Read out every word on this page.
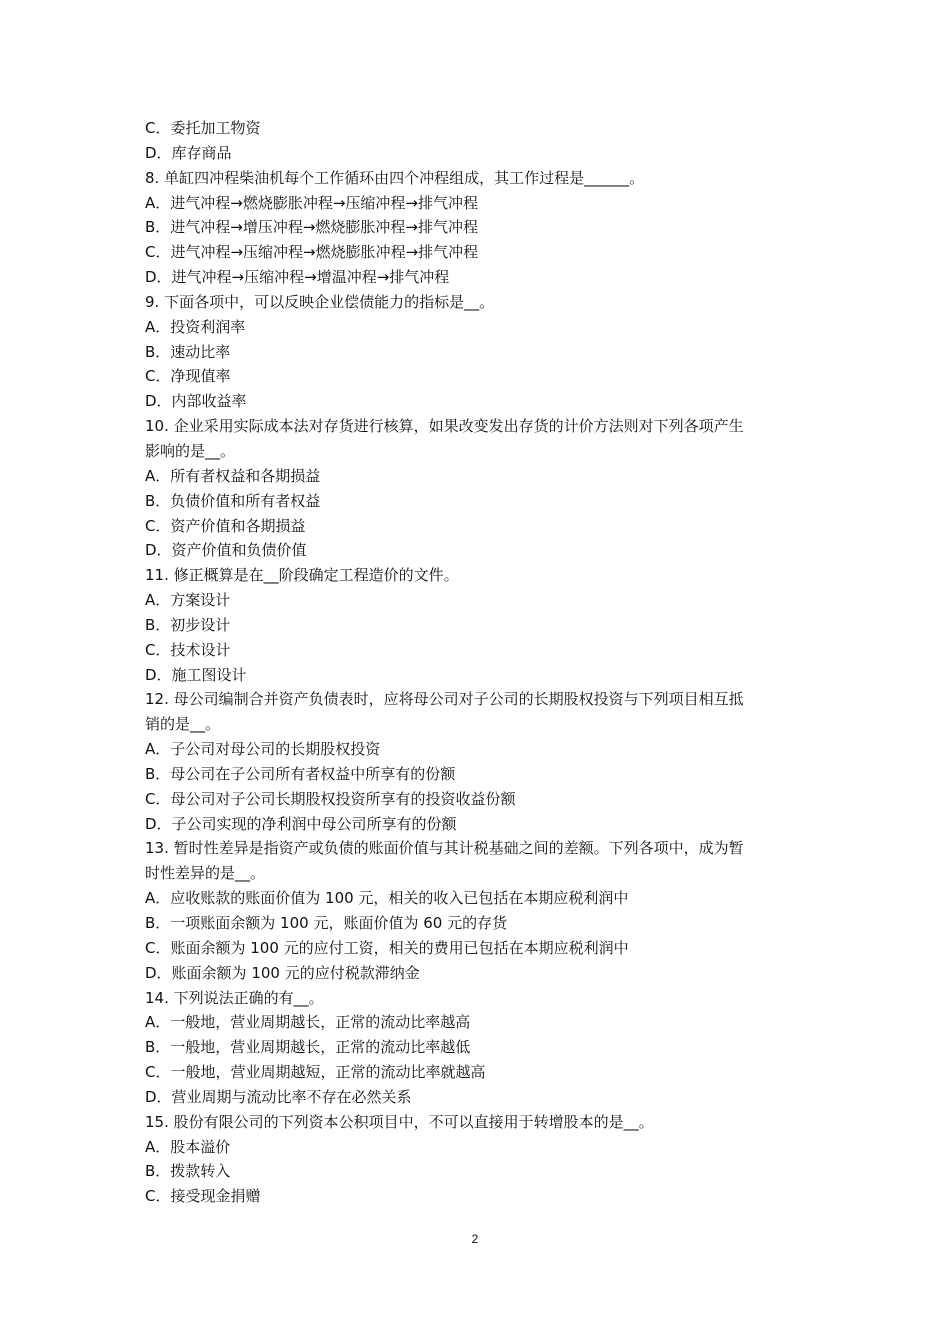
C．委托加工物资
D．库存商品
8. 单缸四冲程柴油机每个工作循环由四个冲程组成，其工作过程是______。
A．进气冲程→燃烧膨胀冲程→压缩冲程→排气冲程
B．进气冲程→增压冲程→燃烧膨胀冲程→排气冲程
C．进气冲程→压缩冲程→燃烧膨胀冲程→排气冲程
D．进气冲程→压缩冲程→增温冲程→排气冲程
9. 下面各项中，可以反映企业偿债能力的指标是__。
A．投资利润率
B．速动比率
C．净现值率
D．内部收益率
10. 企业采用实际成本法对存货进行核算，如果改变发出存货的计价方法则对下列各项产生
影响的是__。
A．所有者权益和各期损益
B．负债价值和所有者权益
C．资产价值和各期损益
D．资产价值和负债价值
11. 修正概算是在__阶段确定工程造价的文件。
A．方案设计
B．初步设计
C．技术设计
D．施工图设计
12. 母公司编制合并资产负债表时，应将母公司对子公司的长期股权投资与下列项目相互抵
销的是__。
A．子公司对母公司的长期股权投资
B．母公司在子公司所有者权益中所享有的份额
C．母公司对子公司长期股权投资所享有的投资收益份额
D．子公司实现的净利润中母公司所享有的份额
13. 暂时性差异是指资产或负债的账面价值与其计税基础之间的差额。下列各项中，成为暂
时性差异的是__。
A．应收账款的账面价值为 100 元，相关的收入已包括在本期应税利润中
B．一项账面余额为 100 元，账面价值为 60 元的存货
C．账面余额为 100 元的应付工资，相关的费用已包括在本期应税利润中
D．账面余额为 100 元的应付税款滞纳金
14. 下列说法正确的有__。
A．一般地，营业周期越长，正常的流动比率越高
B．一般地，营业周期越长，正常的流动比率越低
C．一般地，营业周期越短，正常的流动比率就越高
D．营业周期与流动比率不存在必然关系
15. 股份有限公司的下列资本公积项目中，不可以直接用于转增股本的是__。
A．股本溢价
B．拨款转入
C．接受现金捐赠
2
